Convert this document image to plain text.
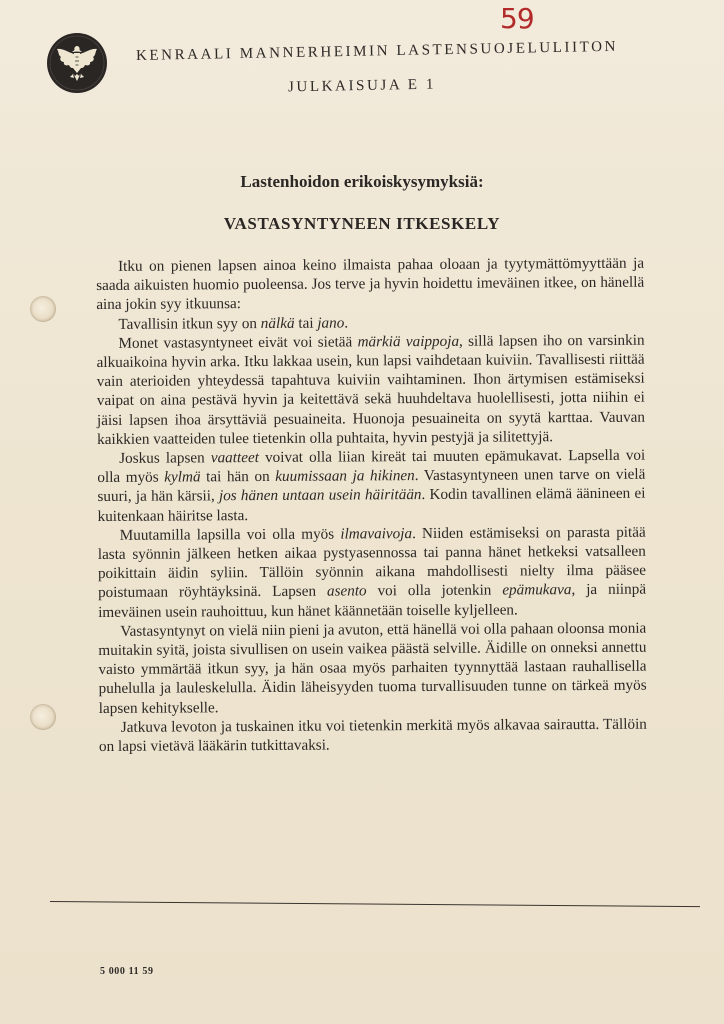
59
KENRAALI MANNERHEIMIN LASTENSUOJELULIITON
JULKAISUJA E 1
Lastenhoidon erikoiskysymyksiä:
VASTASYNTYNEEN ITKESKELY

Itku on pienen lapsen ainoa keino ilmaista pahaa oloaan ja tyytymättömyyttään ja saada aikuisten huomio puoleensa. Jos terve ja hyvin hoidettu imeväinen itkee, on hänellä aina jokin syy itkuunsa:

Tavallisin itkun syy on nälkä tai jano.

Monet vastasyntyneet eivät voi sietää märkiä vaippoja, sillä lapsen iho on varsinkin alkuaikoina hyvin arka. Itku lakkaa usein, kun lapsi vaihdetaan kuiviin. Tavallisesti riittää vain aterioiden yhteydessä tapahtuva kuiviin vaihtaminen. Ihon ärtymisen estämiseksi vaipat on aina pestävä hyvin ja keitettävä sekä huuhdeltava huolellisesti, jotta niihin ei jäisi lapsen ihoa ärsyttäviä pesuaineita. Huonoja pesuaineita on syytä karttaa. Vauvan kaikkien vaatteiden tulee tietenkin olla puhtaita, hyvin pestyjä ja silitettyjä.

Joskus lapsen vaatteet voivat olla liian kireät tai muuten epämukavat. Lapsella voi olla myös kylmä tai hän on kuumissaan ja hikinen. Vastasyntyneen unen tarve on vielä suuri, ja hän kärsii, jos hänen untaan usein häiritään. Kodin tavallinen elämä äänineen ei kuitenkaan häiritse lasta.

Muutamilla lapsilla voi olla myös ilmavaivoja. Niiden estämiseksi on parasta pitää lasta syönnin jälkeen hetken aikaa pystyasennossa tai panna hänet hetkeksi vatsalleen poikittain äidin syliin. Tällöin syönnin aikana mahdollisesti nielty ilma pääsee poistumaan röyhtäyksinä. Lapsen asento voi olla jotenkin epämukava, ja niinpä imeväinen usein rauhoittuu, kun hänet käännetään toiselle kyljelleen.

Vastasyntynyt on vielä niin pieni ja avuton, että hänellä voi olla pahaan oloonsa monia muitakin syitä, joista sivullisen on usein vaikea päästä selville. Äidille on onneksi annettu vaisto ymmärtää itkun syy, ja hän osaa myös parhaiten tyynnyttää lastaan rauhallisella puhelulla ja lauleskelulla. Äidin läheisyyden tuoma turvallisuuden tunne on tärkeä myös lapsen kehitykselle.

Jatkuva levoton ja tuskainen itku voi tietenkin merkitä myös alkavaa sairautta. Tällöin on lapsi vietävä lääkärin tutkittavaksi.

5 000 11 59
